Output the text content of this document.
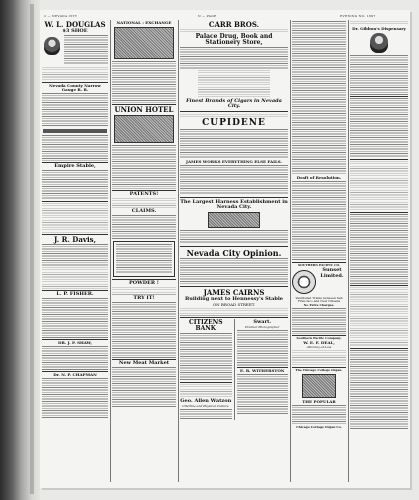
2 — NEVADA CITY	N — PAGE	EVENING NO. 1897
W. L. DOUGLAS
$3 SHOE
Nevada County Narrow Gauge R. R.
Empire Stable,
J. R. Davis,
L. P. FISHER.
DR. J. P. SHAW,
Dr. N. P. CHAPMAN
NATIONAL : EXCHANGE
UNION HOTEL
PATENTS!
CLAIMS.
POWDER !
TRY IT!
New Meat Market
CARR BROS.
Palace Drug, Book and Stationery Store,
Finest Brands of Cigars in Nevada City.
CUPIDENE
JAMES WORKS EVERYTHING ELSE FAILS.
The Largest Harness Establishment in Nevada City.
Nevada City Opinion.
JAMES CAIRNS
Building next to Hennessy's Stable
ON BROAD STREET.
CITIZENS BANK
Geo. Allen Watzon
Ulterline and Physical Culture.
Swart.
Premier Photographer
E. R. WITHERSTON
Draft of Resolution.
SOUTHERN PACIFIC CO.
Sunset
Limited.
Vestibuled Trains between San Francisco and New Orleans
No Extra Charges.
Southern Pacific Company.
W. E. F. DEAL,
Attorney-at-Law
The Chicago College Organ.
THE POPULAR
Chicago Cottage Organ Co.
Dr. Gibbon's Dispensary
